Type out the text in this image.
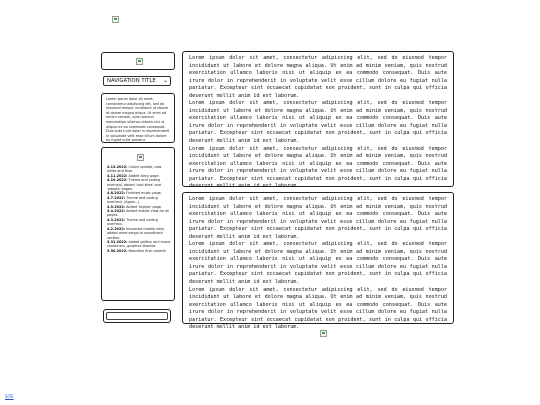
NAVIGATION TITLE ⌄
Lorem ipsum dolor sit amet, consectetur adipiscing elit, sed do eiusmod tempor incididunt ut labore et dolore magna aliqua. Ut enim ad minim veniam, quis nostrud exercitation ullamco laboris nisi ut aliquip ex ea commodo consequat. Duis aute irure dolor in reprehenderit in voluptate velit esse cillum dolore eu fugiat nulla pariatur.
4.13.2022: Colors update, now white and blue.
4.11.2022: Added diary page.
4.10.2022: Theme and coding overhaul, added 'cool sites' and 'adopts' pages.
4.8.2022: Finished music page.
4.7.2022: Theme and coding overhaul. (Again...)
4.5.2022: Added 'toybox' page.
4.4.2022: Added mobile view for all pages.
4.3.2022: Theme and coding overhaul.
4.2.2022: Improved mobile view, added more songs to soundtrack section.
3.31.2022: Added gallery and music containers, graphics themes.
3.30.2022: Neocities first commit.

Lorem ipsum dolor sit amet, consectetur adipiscing elit, sed do eiusmod tempor incididunt ut labore et dolore magna aliqua. Ut enim ad minim veniam, quis nostrud exercitation ullamco laboris nisi ut aliquip ex ea commodo consequat. Duis aute irure dolor in reprehenderit in voluptate velit esse cillum dolore eu fugiat nulla pariatur. Excepteur sint occaecat cupidatat non proident, sunt in culpa qui officia deserunt mollit anim id est laborum.

Lorem ipsum dolor sit amet, consectetur adipiscing elit, sed do eiusmod tempor incididunt ut labore et dolore magna aliqua. Ut enim ad minim veniam, quis nostrud exercitation ullamco laboris nisi ut aliquip ex ea commodo consequat. Duis aute irure dolor in reprehenderit in voluptate velit esse cillum dolore eu fugiat nulla pariatur. Excepteur sint occaecat cupidatat non proident, sunt in culpa qui officia deserunt mollit anim id est laborum.

Lorem ipsum dolor sit amet, consectetur adipiscing elit, sed do eiusmod tempor incididunt ut labore et dolore magna aliqua. Ut enim ad minim veniam, quis nostrud exercitation ullamco laboris nisi ut aliquip ex ea commodo consequat. Duis aute irure dolor in reprehenderit in voluptate velit esse cillum dolore eu fugiat nulla pariatur. Excepteur sint occaecat cupidatat non proident, sunt in culpa qui officia deserunt mollit anim id est laborum.

Lorem ipsum dolor sit amet, consectetur adipiscing elit, sed do eiusmod tempor incididunt ut labore et dolore magna aliqua. Ut enim ad minim veniam, quis nostrud exercitation ullamco laboris nisi ut aliquip ex ea commodo consequat. Duis aute irure dolor in reprehenderit in voluptate velit esse cillum dolore eu fugiat nulla pariatur. Excepteur sint occaecat cupidatat non proident, sunt in culpa qui officia deserunt mollit anim id est laborum.

Lorem ipsum dolor sit amet, consectetur adipiscing elit, sed do eiusmod tempor incididunt ut labore et dolore magna aliqua. Ut enim ad minim veniam, quis nostrud exercitation ullamco laboris nisi ut aliquip ex ea commodo consequat. Duis aute irure dolor in reprehenderit in voluptate velit esse cillum dolore eu fugiat nulla pariatur. Excepteur sint occaecat cupidatat non proident, sunt in culpa qui officia deserunt mollit anim id est laborum.

Lorem ipsum dolor sit amet, consectetur adipiscing elit, sed do eiusmod tempor incididunt ut labore et dolore magna aliqua. Ut enim ad minim veniam, quis nostrud exercitation ullamco laboris nisi ut aliquip ex ea commodo consequat. Duis aute irure dolor in reprehenderit in voluptate velit esse cillum dolore eu fugiat nulla pariatur. Excepteur sint occaecat cupidatat non proident, sunt in culpa qui officia deserunt mollit anim id est laborum.

SITE
